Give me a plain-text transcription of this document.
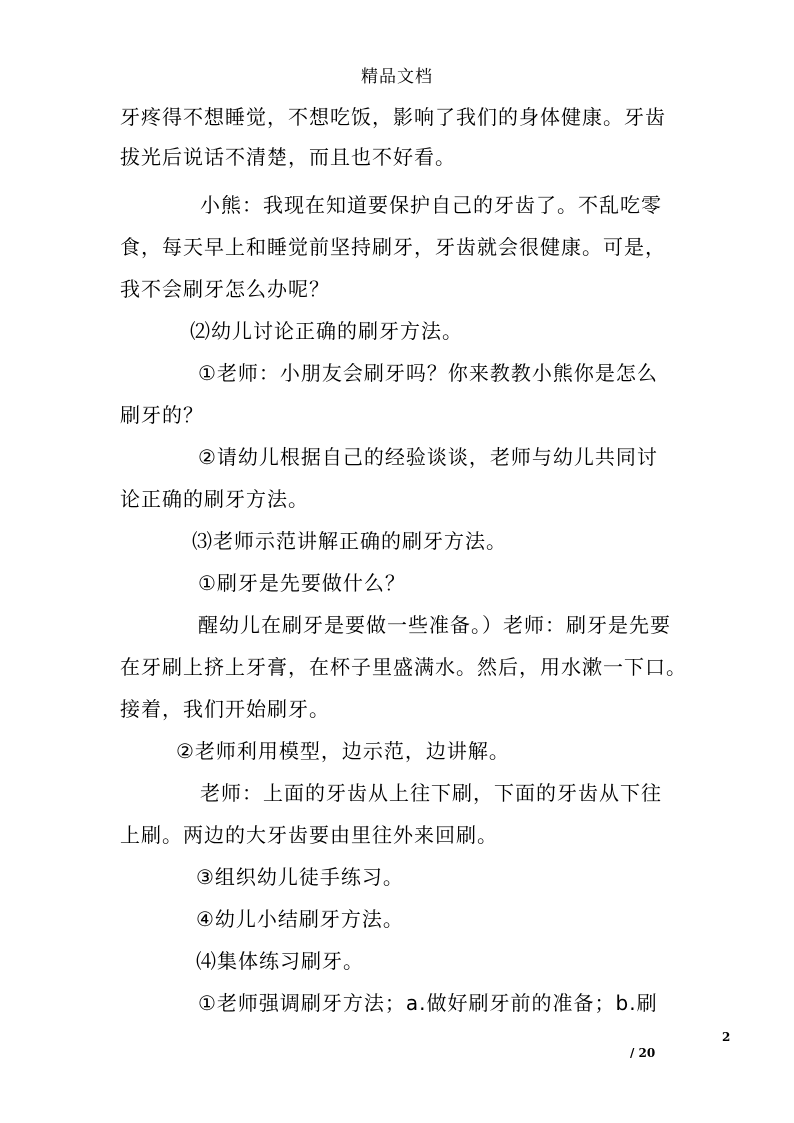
精品文档
牙疼得不想睡觉，不想吃饭，影响了我们的身体健康。牙齿
拔光后说话不清楚，而且也不好看。
小熊：我现在知道要保护自己的牙齿了。不乱吃零
食，每天早上和睡觉前坚持刷牙，牙齿就会很健康。可是，
我不会刷牙怎么办呢？
⑵幼儿讨论正确的刷牙方法。
①老师：小朋友会刷牙吗？你来教教小熊你是怎么
刷牙的？
②请幼儿根据自己的经验谈谈，老师与幼儿共同讨
论正确的刷牙方法。
⑶老师示范讲解正确的刷牙方法。
①刷牙是先要做什么？
醒幼儿在刷牙是要做一些准备。）老师：刷牙是先要
在牙刷上挤上牙膏，在杯子里盛满水。然后，用水漱一下口。
接着，我们开始刷牙。
②老师利用模型，边示范，边讲解。
老师：上面的牙齿从上往下刷，下面的牙齿从下往
上刷。两边的大牙齿要由里往外来回刷。
③组织幼儿徒手练习。
④幼儿小结刷牙方法。
⑷集体练习刷牙。
①老师强调刷牙方法；a.做好刷牙前的准备；b.刷
2
/ 20
